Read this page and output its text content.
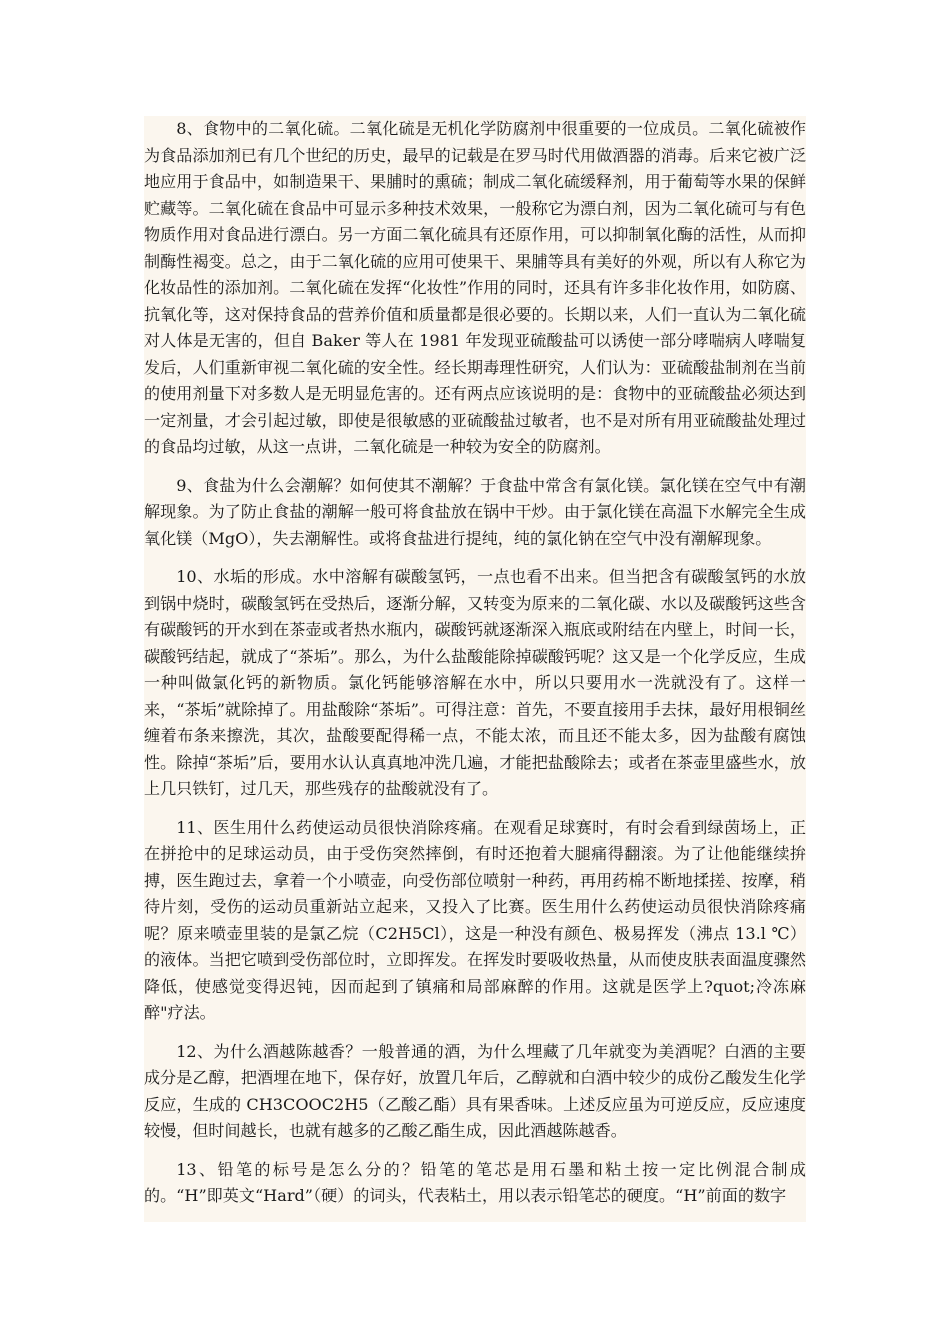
8、食物中的二氧化硫。二氧化硫是无机化学防腐剂中很重要的一位成员。二氧化硫被作为食品添加剂已有几个世纪的历史，最早的记载是在罗马时代用做酒器的消毒。后来它被广泛地应用于食品中，如制造果干、果脯时的熏硫；制成二氧化硫缓释剂，用于葡萄等水果的保鲜贮藏等。二氧化硫在食品中可显示多种技术效果，一般称它为漂白剂，因为二氧化硫可与有色物质作用对食品进行漂白。另一方面二氧化硫具有还原作用，可以抑制氧化酶的活性，从而抑制酶性褐变。总之，由于二氧化硫的应用可使果干、果脯等具有美好的外观，所以有人称它为化妆品性的添加剂。二氧化硫在发挥“化妆性”作用的同时，还具有许多非化妆作用，如防腐、抗氧化等，这对保持食品的营养价值和质量都是很必要的。长期以来，人们一直认为二氧化硫对人体是无害的，但自 Baker 等人在 1981 年发现亚硫酸盐可以诱使一部分哮喘病人哮喘复发后，人们重新审视二氧化硫的安全性。经长期毒理性研究，人们认为：亚硫酸盐制剂在当前的使用剂量下对多数人是无明显危害的。还有两点应该说明的是：食物中的亚硫酸盐必须达到一定剂量，才会引起过敏，即使是很敏感的亚硫酸盐过敏者，也不是对所有用亚硫酸盐处理过的食品均过敏，从这一点讲，二氧化硫是一种较为安全的防腐剂。

9、食盐为什么会潮解？如何使其不潮解？于食盐中常含有氯化镁。氯化镁在空气中有潮解现象。为了防止食盐的潮解一般可将食盐放在锅中干炒。由于氯化镁在高温下水解完全生成氧化镁（MgO），失去潮解性。或将食盐进行提纯，纯的氯化钠在空气中没有潮解现象。

10、水垢的形成。水中溶解有碳酸氢钙，一点也看不出来。但当把含有碳酸氢钙的水放到锅中烧时，碳酸氢钙在受热后，逐渐分解，又转变为原来的二氧化碳、水以及碳酸钙这些含有碳酸钙的开水到在茶壶或者热水瓶内，碳酸钙就逐渐深入瓶底或附结在内壁上，时间一长，碳酸钙结起，就成了“茶垢”。那么，为什么盐酸能除掉碳酸钙呢？这又是一个化学反应，生成一种叫做氯化钙的新物质。氯化钙能够溶解在水中，所以只要用水一洗就没有了。这样一来，“茶垢”就除掉了。用盐酸除“茶垢”。可得注意：首先，不要直接用手去抹，最好用根铜丝缠着布条来擦洗，其次，盐酸要配得稀一点，不能太浓，而且还不能太多，因为盐酸有腐蚀性。除掉“茶垢”后，要用水认认真真地冲洗几遍，才能把盐酸除去；或者在茶壶里盛些水，放上几只铁钉，过几天，那些残存的盐酸就没有了。

11、医生用什么药使运动员很快消除疼痛。在观看足球赛时，有时会看到绿茵场上，正在拼抢中的足球运动员，由于受伤突然摔倒，有时还抱着大腿痛得翻滚。为了让他能继续拚搏，医生跑过去，拿着一个小喷壶，向受伤部位喷射一种药，再用药棉不断地揉搓、按摩，稍待片刻，受伤的运动员重新站立起来，又投入了比赛。医生用什么药使运动员很快消除疼痛呢？原来喷壶里装的是氯乙烷（C2H5Cl），这是一种没有颜色、极易挥发（沸点 13.l ℃）的液体。当把它喷到受伤部位时，立即挥发。在挥发时要吸收热量，从而使皮肤表面温度骤然降低，使感觉变得迟钝，因而起到了镇痛和局部麻醉的作用。这就是医学上?quot;冷冻麻醉"疗法。

12、为什么酒越陈越香？一般普通的酒，为什么埋藏了几年就变为美酒呢？白酒的主要成分是乙醇，把酒埋在地下，保存好，放置几年后，乙醇就和白酒中较少的成份乙酸发生化学反应，生成的 CH3COOC2H5（乙酸乙酯）具有果香味。上述反应虽为可逆反应，反应速度较慢，但时间越长，也就有越多的乙酸乙酯生成，因此酒越陈越香。

13、铅笔的标号是怎么分的？铅笔的笔芯是用石墨和粘土按一定比例混合制成的。“H”即英文“Hard”（硬）的词头，代表粘土，用以表示铅笔芯的硬度。“H”前面的数字
